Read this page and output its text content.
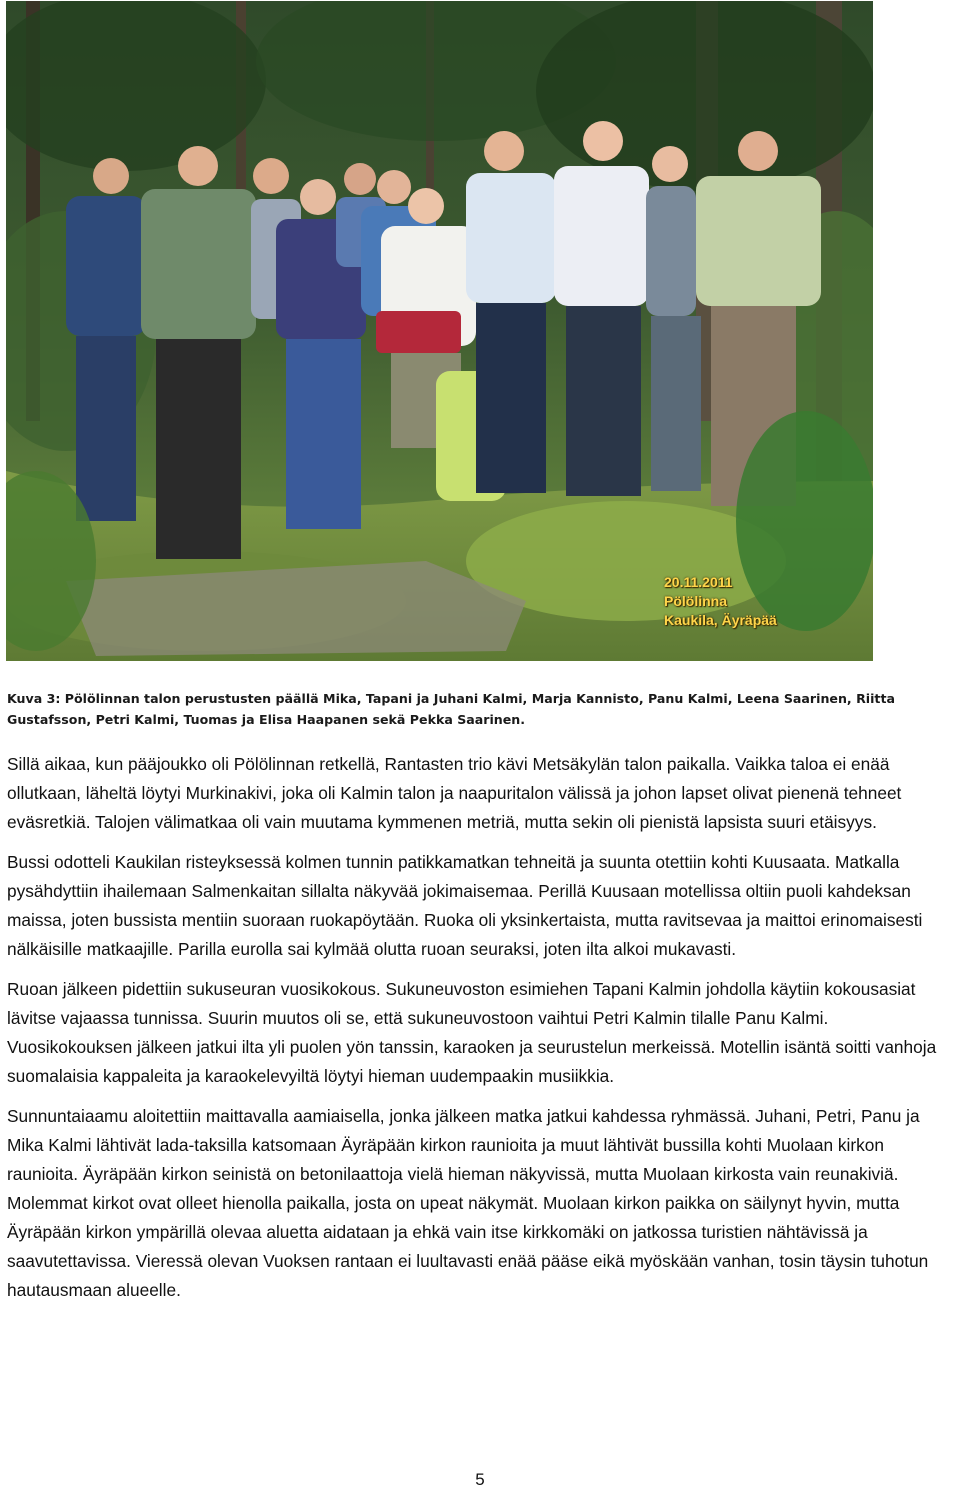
20.11.2011
Pölölinna
Kaukila, Äyräpää
Kuva 3: Pölölinnan talon perustusten päällä Mika, Tapani ja Juhani Kalmi, Marja Kannisto, Panu Kalmi, Leena Saarinen, Riitta Gustafsson, Petri Kalmi, Tuomas ja Elisa Haapanen sekä Pekka Saarinen.

Sillä aikaa, kun pääjoukko oli Pölölinnan retkellä, Rantasten trio kävi Metsäkylän talon paikalla. Vaikka taloa ei enää ollutkaan, läheltä löytyi Murkinakivi, joka oli Kalmin talon ja naapuritalon välissä ja johon lapset olivat pienenä tehneet eväsretkiä. Talojen välimatkaa oli vain muutama kymmenen metriä, mutta sekin oli pienistä lapsista suuri etäisyys.

Bussi odotteli Kaukilan risteyksessä kolmen tunnin patikkamatkan tehneitä ja suunta otettiin kohti Kuusaata. Matkalla pysähdyttiin ihailemaan Salmenkaitan sillalta näkyvää jokimaisemaa. Perillä Kuusaan motellissa oltiin puoli kahdeksan maissa, joten bussista mentiin suoraan ruokapöytään. Ruoka oli yksinkertaista, mutta ravitsevaa ja maittoi erinomaisesti nälkäisille matkaajille. Parilla eurolla sai kylmää olutta ruoan seuraksi, joten ilta alkoi mukavasti.

Ruoan jälkeen pidettiin sukuseuran vuosikokous. Sukuneuvoston esimiehen Tapani Kalmin johdolla käytiin kokousasiat lävitse vajaassa tunnissa. Suurin muutos oli se, että sukuneuvostoon vaihtui Petri Kalmin tilalle Panu Kalmi. Vuosikokouksen jälkeen jatkui ilta yli puolen yön tanssin, karaoken ja seurustelun merkeissä. Motellin isäntä soitti vanhoja suomalaisia kappaleita ja karaokelevyiltä löytyi hieman uudempaakin musiikkia.

Sunnuntaiaamu aloitettiin maittavalla aamiaisella, jonka jälkeen matka jatkui kahdessa ryhmässä. Juhani, Petri, Panu ja Mika Kalmi lähtivät lada-taksilla katsomaan Äyräpään kirkon raunioita ja muut lähtivät bussilla kohti Muolaan kirkon raunioita. Äyräpään kirkon seinistä on betonilaattoja vielä hieman näkyvissä, mutta Muolaan kirkosta vain reunakiviä. Molemmat kirkot ovat olleet hienolla paikalla, josta on upeat näkymät. Muolaan kirkon paikka on säilynyt hyvin, mutta Äyräpään kirkon ympärillä olevaa aluetta aidataan ja ehkä vain itse kirkkomäki on jatkossa turistien nähtävissä ja saavutettavissa. Vieressä olevan Vuoksen rantaan ei luultavasti enää pääse eikä myöskään vanhan, tosin täysin tuhotun hautausmaan alueelle.

5
